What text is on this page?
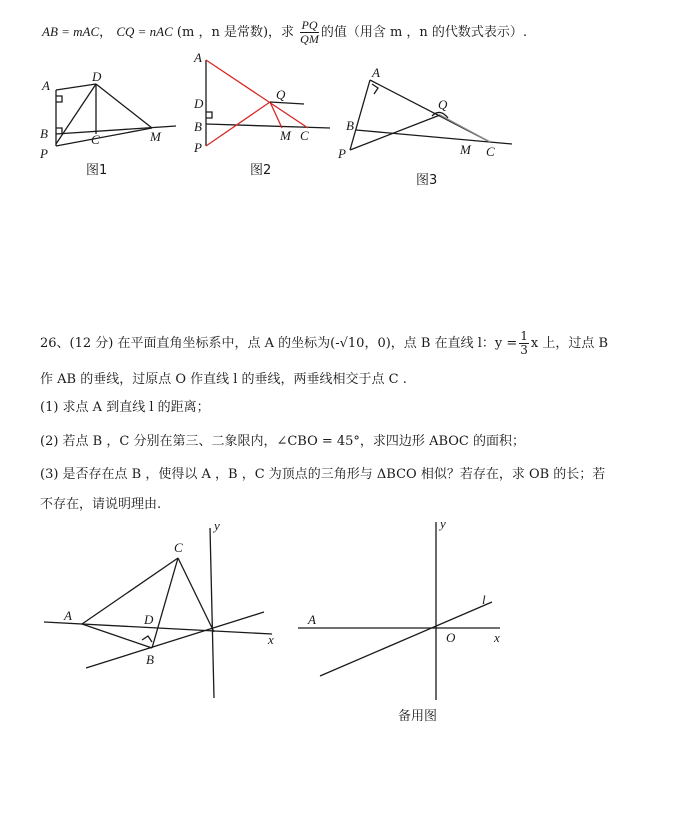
AB = mAC， CQ = nAC (m ，n 是常数)，求 $\frac{PQ}{QM}$ 的值（用含 m ，n 的代数式表示）.
A
D
B	C	M
P
图1
A
D
Q
B
M C
P
图2
A
Q
B
M C
P
图3
C
A	D
B
x
y	y
l
A
O	x
备用图
26、(12 分) 在平面直角坐标系中，点 A 的坐标为(-√10，0)，点 B 在直线 l：$y = \frac{1}{3}$ x 上，过点 B
作 AB 的垂线，过原点 O 作直线 l 的垂线，两垂线相交于点 C .
(1) 求点 A 到直线 l 的距离；
(2) 若点 B ，C 分别在第三、二象限内，∠CBO = 45°，求四边形 ABOC 的面积；
(3) 是否存在点 B ，使得以 A ，B ，C 为顶点的三角形与 ΔBCO 相似？若存在，求 OB 的长；若
不存在，请说明理由.
